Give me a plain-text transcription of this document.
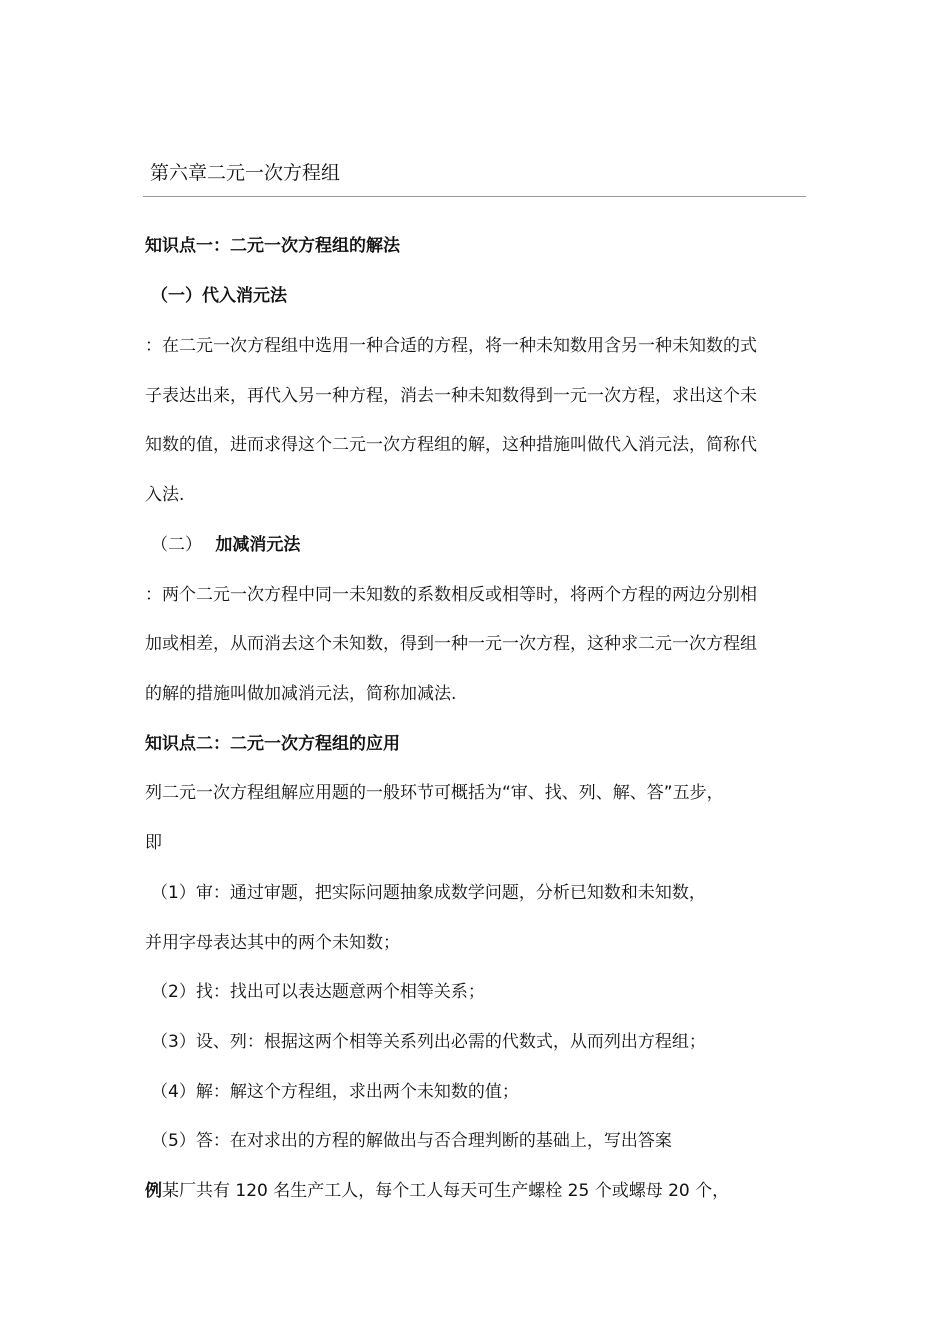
第六章二元一次方程组
知识点一：二元一次方程组的解法
（一）代入消元法
：在二元一次方程组中选用一种合适的方程，将一种未知数用含另一种未知数的式
子表达出来，再代入另一种方程，消去一种未知数得到一元一次方程，求出这个未
知数的值，进而求得这个二元一次方程组的解，这种措施叫做代入消元法，简称代
入法.
（二） 加减消元法
：两个二元一次方程中同一未知数的系数相反或相等时，将两个方程的两边分别相
加或相差，从而消去这个未知数，得到一种一元一次方程，这种求二元一次方程组
的解的措施叫做加减消元法，简称加减法.
知识点二：二元一次方程组的应用
列二元一次方程组解应用题的一般环节可概括为“审、找、列、解、答”五步，
即
（1）审：通过审题，把实际问题抽象成数学问题，分析已知数和未知数，
并用字母表达其中的两个未知数；
（2）找：找出可以表达题意两个相等关系；
（3）设、列：根据这两个相等关系列出必需的代数式，从而列出方程组；
（4）解：解这个方程组，求出两个未知数的值；
（5）答：在对求出的方程的解做出与否合理判断的基础上，写出答案
例某厂共有 120 名生产工人，每个工人每天可生产螺栓 25 个或螺母 20 个，
